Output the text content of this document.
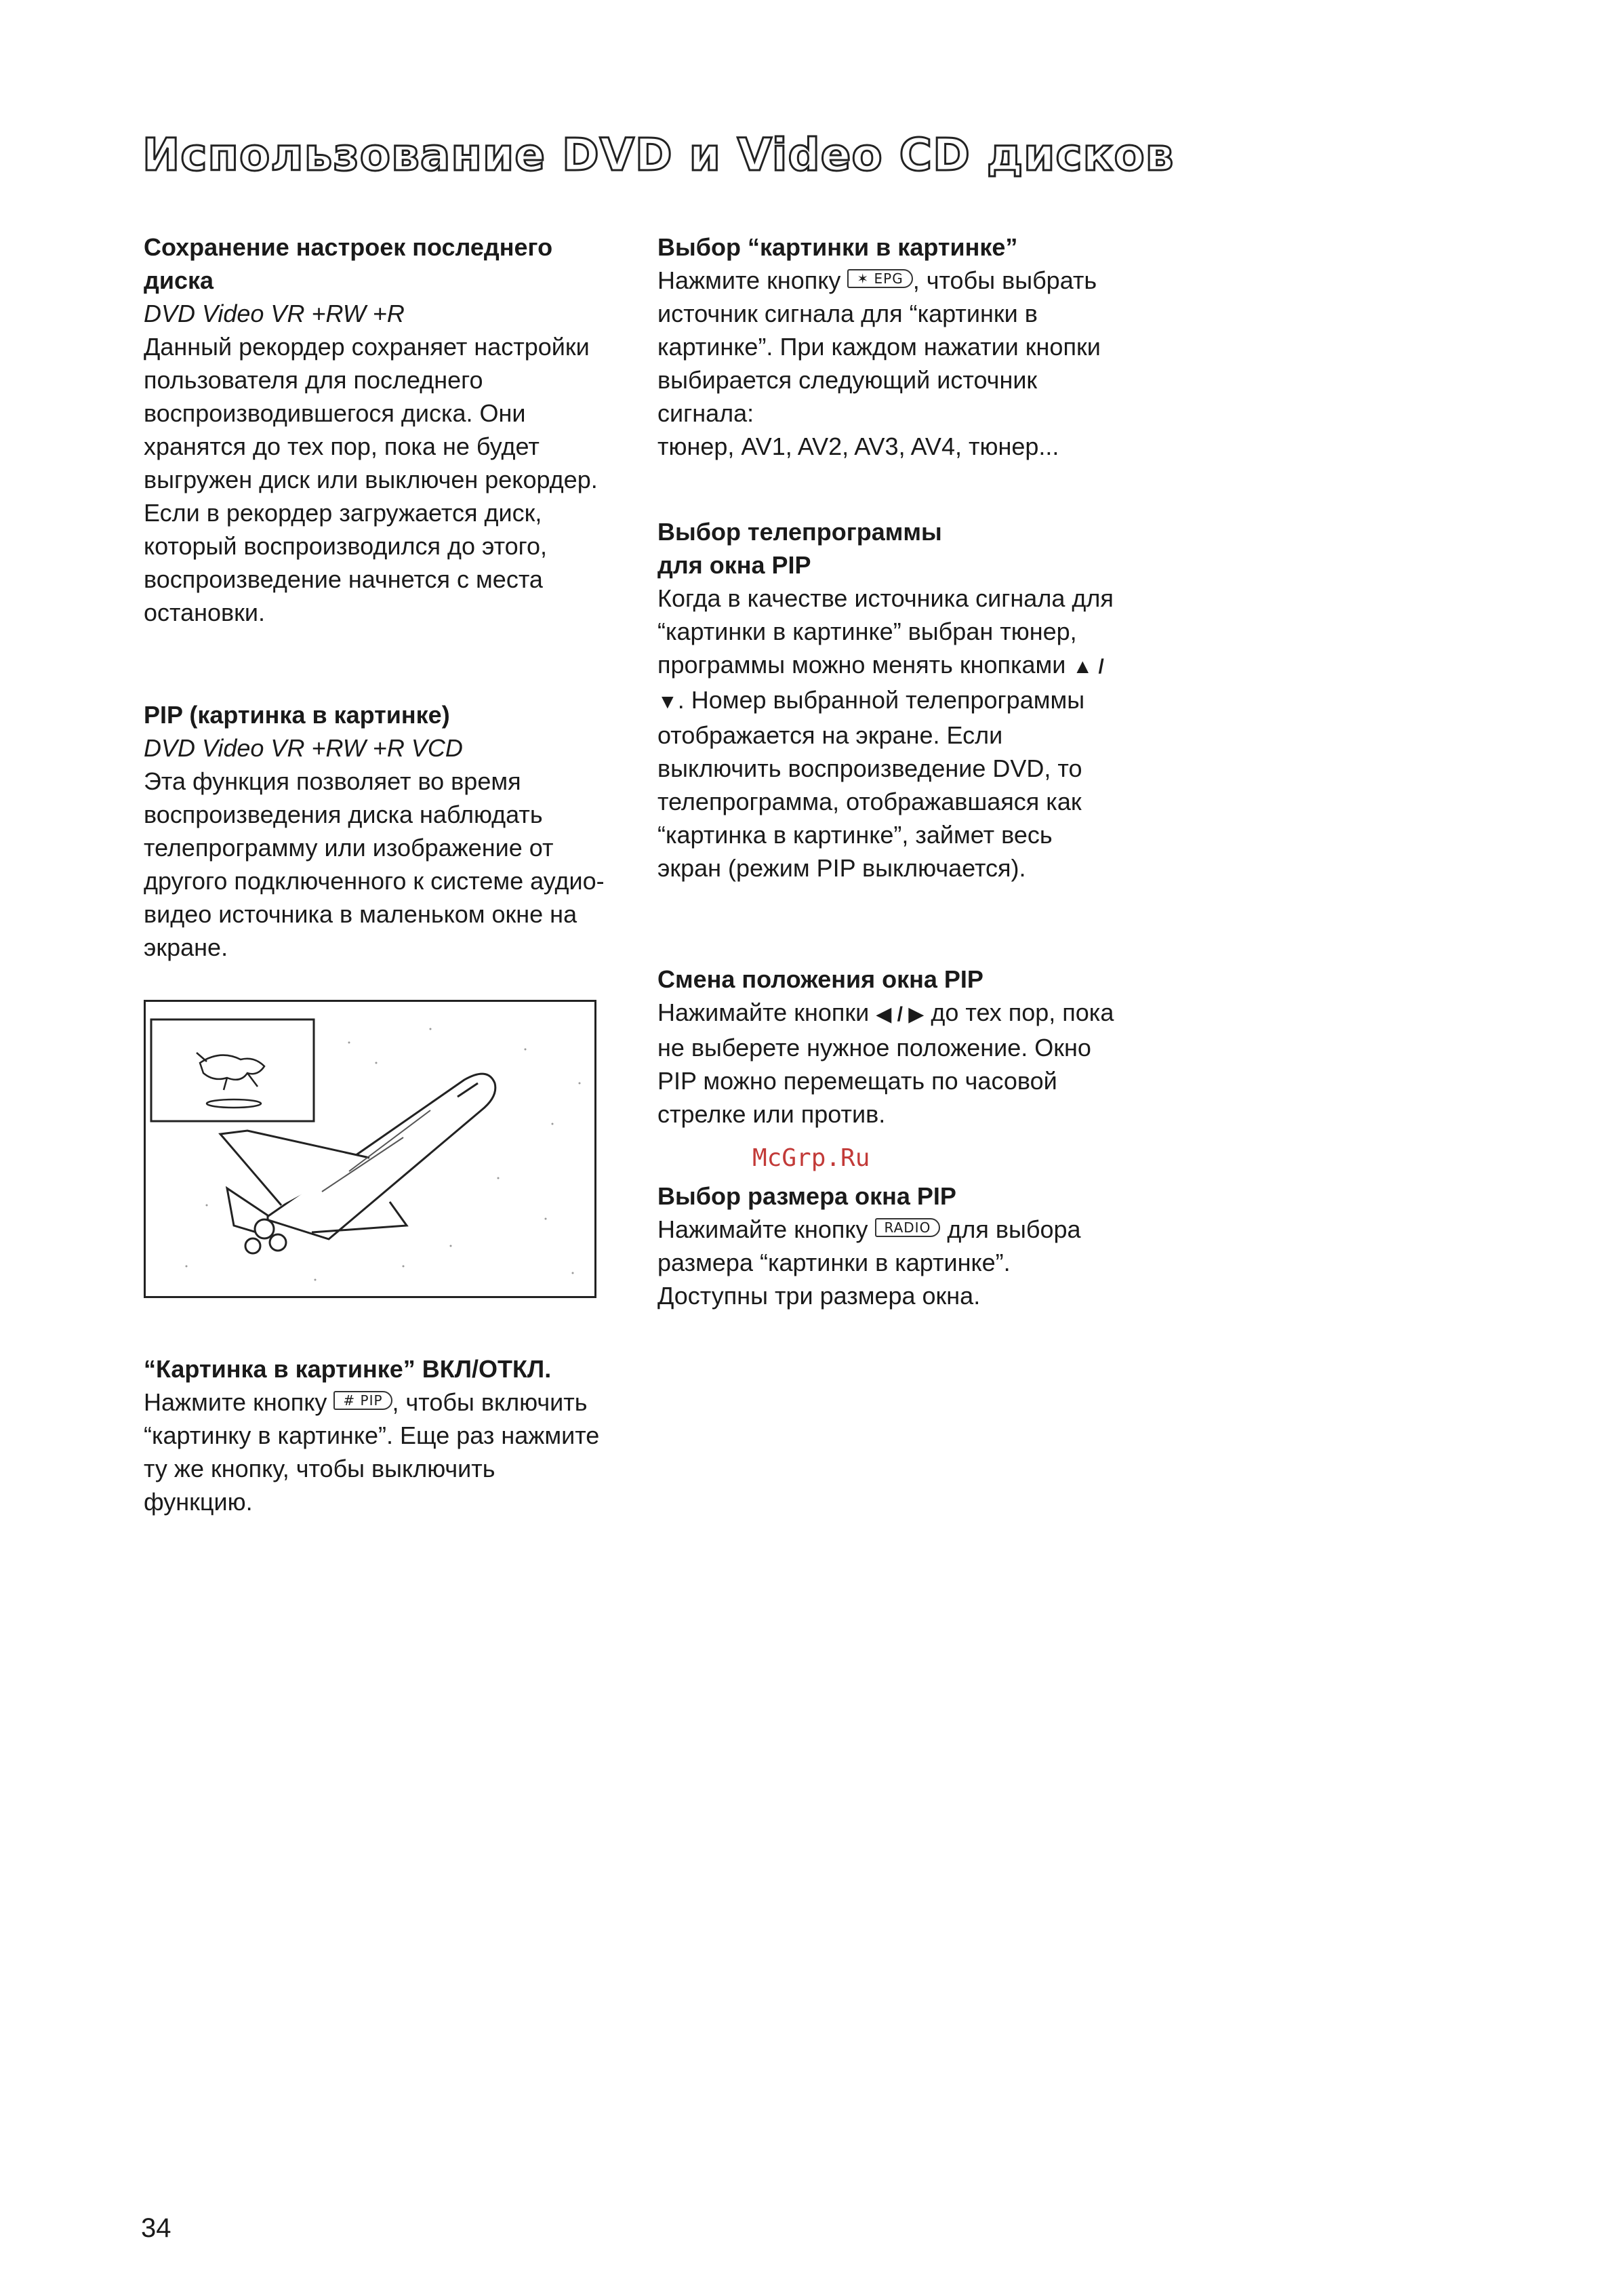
Использование DVD и Video CD дисков

Сохранение настроек последнего диска

DVD Video VR +RW +R

Данный рекордер сохраняет настройки пользователя для последнего воспроизводившегося диска. Они хранятся до тех пор, пока не будет выгружен диск или выключен рекордер. Если в рекордер загружается диск, который воспроизводился до этого, воспроизведение начнется с места остановки.

PIP (картинка в картинке)

DVD Video VR +RW +R VCD

Эта функция позволяет во время воспроизведения диска наблюдать телепрограмму или изображение от другого подключенного к системе аудио-видео источника в маленьком окне на экране.

“Картинка в картинке” ВКЛ/ОТКЛ.

Нажмите кнопку # PIP , чтобы включить “картинку в картинке”. Еще раз нажмите ту же кнопку, чтобы выключить функцию.

Выбор “картинки в картинке”

Нажмите кнопку ✶ EPG , чтобы выбрать источник сигнала для “картинки в картинке”. При каждом нажатии кнопки выбирается следующий источник сигнала:

тюнер, AV1, AV2, AV3, AV4, тюнер...

Выбор телепрограммы

для окна PIP

Когда в качестве источника сигнала для “картинки в картинке” выбран тюнер, программы можно менять кнопками ▲ / ▼. Номер выбранной телепрограммы отображается на экране. Если выключить воспроизведение DVD, то телепрограмма, отображавшаяся как “картинка в картинке”, займет весь экран (режим PIP выключается).

Смена положения окна PIP

Нажимайте кнопки ◀ / ▶ до тех пор, пока не выберете нужное положение. Окно PIP можно перемещать по часовой стрелке или против.

McGrp.Ru

Выбор размера окна PIP

Нажимайте кнопку RADIO для выбора размера “картинки в картинке”. Доступны три размера окна.

34
